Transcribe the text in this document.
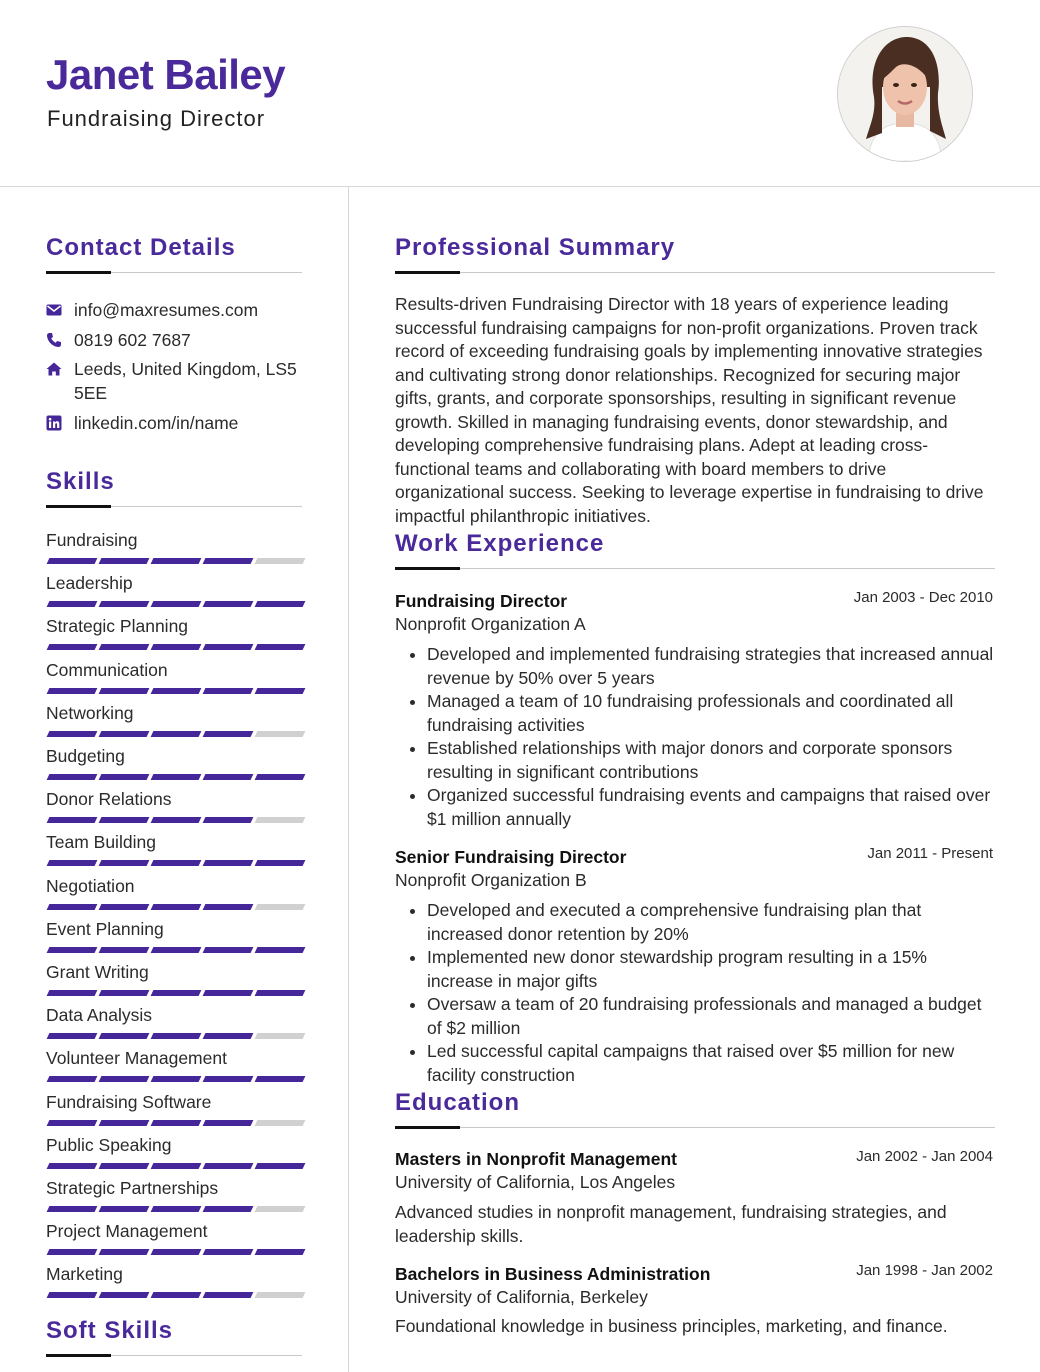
Janet Bailey
Fundraising Director
Contact Details
info@maxresumes.com
0819 602 7687
Leeds, United Kingdom, LS5 5EE
linkedin.com/in/name
Skills
Fundraising
Leadership
Strategic Planning
Communication
Networking
Budgeting
Donor Relations
Team Building
Negotiation
Event Planning
Grant Writing
Data Analysis
Volunteer Management
Fundraising Software
Public Speaking
Strategic Partnerships
Project Management
Marketing
Soft Skills
Professional Summary

Results-driven Fundraising Director with 18 years of experience leading successful fundraising campaigns for non-profit organizations. Proven track record of exceeding fundraising goals by implementing innovative strategies and cultivating strong donor relationships. Recognized for securing major gifts, grants, and corporate sponsorships, resulting in significant revenue growth. Skilled in managing fundraising events, donor stewardship, and developing comprehensive fundraising plans. Adept at leading cross-functional teams and collaborating with board members to drive organizational success. Seeking to leverage expertise in fundraising to drive impactful philanthropic initiatives.

Work Experience
Fundraising Director	Jan 2003 - Dec 2010
Nonprofit Organization A
Developed and implemented fundraising strategies that increased annual revenue by 50% over 5 years
Managed a team of 10 fundraising professionals and coordinated all fundraising activities
Established relationships with major donors and corporate sponsors resulting in significant contributions
Organized successful fundraising events and campaigns that raised over $1 million annually
Senior Fundraising Director	Jan 2011 - Present
Nonprofit Organization B
Developed and executed a comprehensive fundraising plan that increased donor retention by 20%
Implemented new donor stewardship program resulting in a 15% increase in major gifts
Oversaw a team of 20 fundraising professionals and managed a budget of $2 million
Led successful capital campaigns that raised over $5 million for new facility construction
Education
Masters in Nonprofit Management	Jan 2002 - Jan 2004
University of California, Los Angeles

Advanced studies in nonprofit management, fundraising strategies, and leadership skills.

Bachelors in Business Administration	Jan 1998 - Jan 2002
University of California, Berkeley

Foundational knowledge in business principles, marketing, and finance.
